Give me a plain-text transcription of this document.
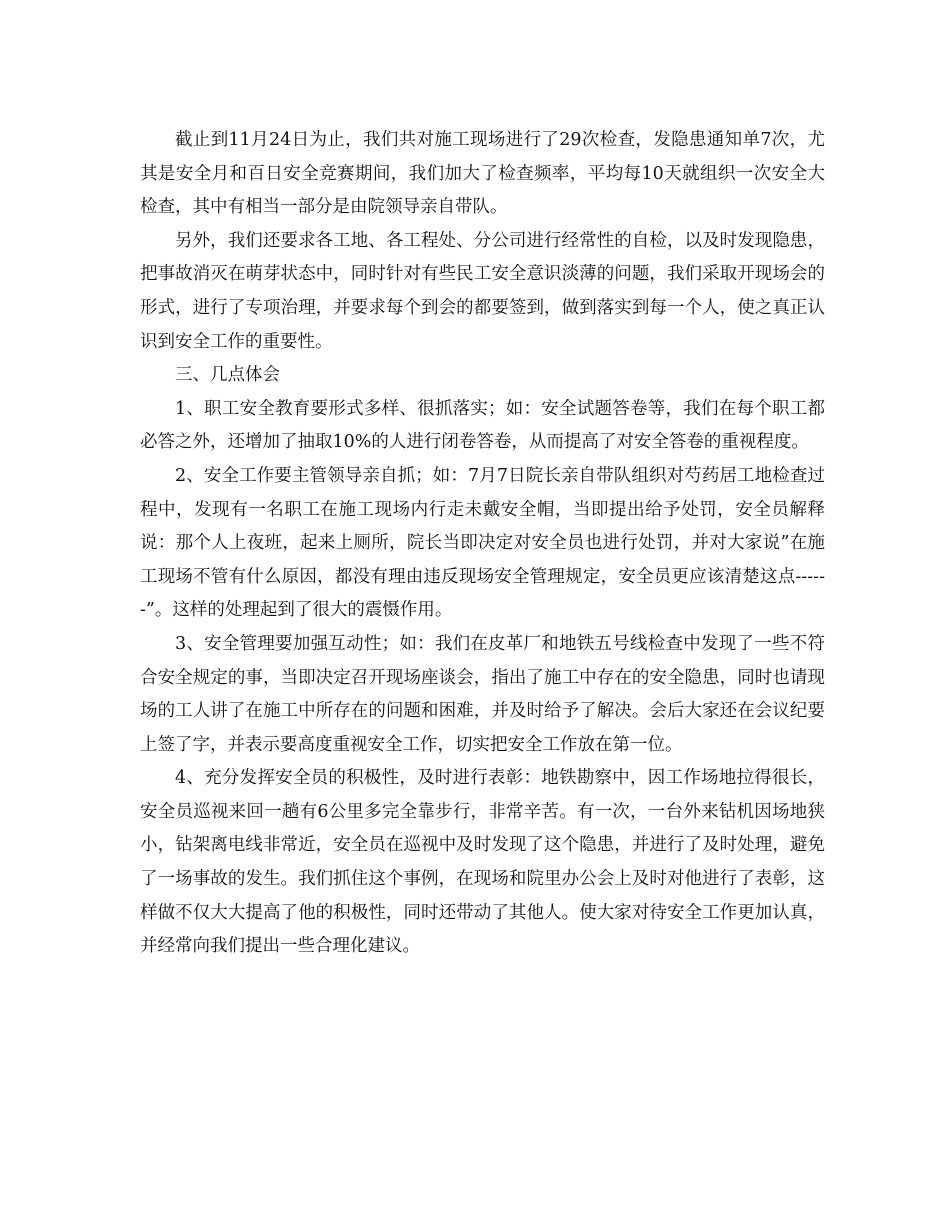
截止到11月24日为止，我们共对施工现场进行了29次检查，发隐患通知单7次，尤其是安全月和百日安全竞赛期间，我们加大了检查频率，平均每10天就组织一次安全大检查，其中有相当一部分是由院领导亲自带队。

另外，我们还要求各工地、各工程处、分公司进行经常性的自检，以及时发现隐患，把事故消灭在萌芽状态中，同时针对有些民工安全意识淡薄的问题，我们采取开现场会的形式，进行了专项治理，并要求每个到会的都要签到，做到落实到每一个人，使之真正认识到安全工作的重要性。

三、几点体会

1、职工安全教育要形式多样、很抓落实；如：安全试题答卷等，我们在每个职工都必答之外，还增加了抽取10%的人进行闭卷答卷，从而提高了对安全答卷的重视程度。

2、安全工作要主管领导亲自抓；如：7月7日院长亲自带队组织对芍药居工地检查过程中，发现有一名职工在施工现场内行走未戴安全帽，当即提出给予处罚，安全员解释说：那个人上夜班，起来上厕所，院长当即决定对安全员也进行处罚，并对大家说”在施工现场不管有什么原因，都没有理由违反现场安全管理规定，安全员更应该清楚这点------”。这样的处理起到了很大的震慑作用。

3、安全管理要加强互动性；如：我们在皮革厂和地铁五号线检查中发现了一些不符合安全规定的事，当即决定召开现场座谈会，指出了施工中存在的安全隐患，同时也请现场的工人讲了在施工中所存在的问题和困难，并及时给予了解决。会后大家还在会议纪要上签了字，并表示要高度重视安全工作，切实把安全工作放在第一位。

4、充分发挥安全员的积极性，及时进行表彰：地铁勘察中，因工作场地拉得很长，安全员巡视来回一趟有6公里多完全靠步行，非常辛苦。有一次，一台外来钻机因场地狭小，钻架离电线非常近，安全员在巡视中及时发现了这个隐患，并进行了及时处理，避免了一场事故的发生。我们抓住这个事例，在现场和院里办公会上及时对他进行了表彰，这样做不仅大大提高了他的积极性，同时还带动了其他人。使大家对待安全工作更加认真，并经常向我们提出一些合理化建议。
